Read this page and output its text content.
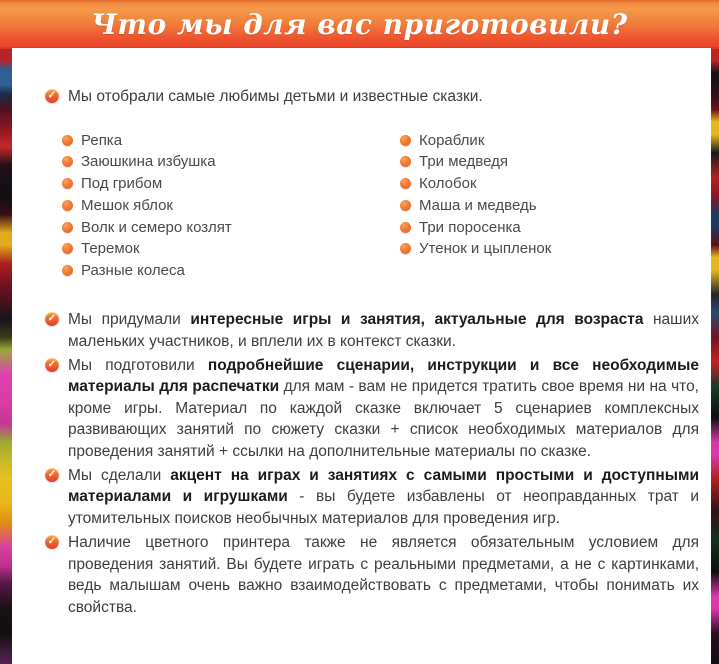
Что мы для вас приготовили?
✓ Мы отобрали самые любимы детьми и известные сказки.

Репка
Заюшкина избушка
Под грибом
Мешок яблок
Волк и семеро козлят
Теремок
Разные колеса
Кораблик
Три медведя
Колобок
Маша и медведь
Три поросенка
Утенок и цыпленок
✓ Мы придумали интересные игры и занятия, актуальные для возраста наших маленьких участников, и вплели их в контекст сказки.

✓ Мы подготовили подробнейшие сценарии, инструкции и все необходимые материалы для распечатки для мам - вам не придется тратить свое время ни на что, кроме игры. Материал по каждой сказке включает 5 сценариев комплексных развивающих занятий по сюжету сказки + список необходимых материалов для проведения занятий + ссылки на дополнительные материалы по сказке.

✓ Мы сделали акцент на играх и занятиях с самыми простыми и доступными материалами и игрушками - вы будете избавлены от неоправданных трат и утомительных поисков необычных материалов для проведения игр.

✓ Наличие цветного принтера также не является обязательным условием для проведения занятий. Вы будете играть с реальными предметами, а не с картинками, ведь малышам очень важно взаимодействовать с предметами, чтобы понимать их свойства.
